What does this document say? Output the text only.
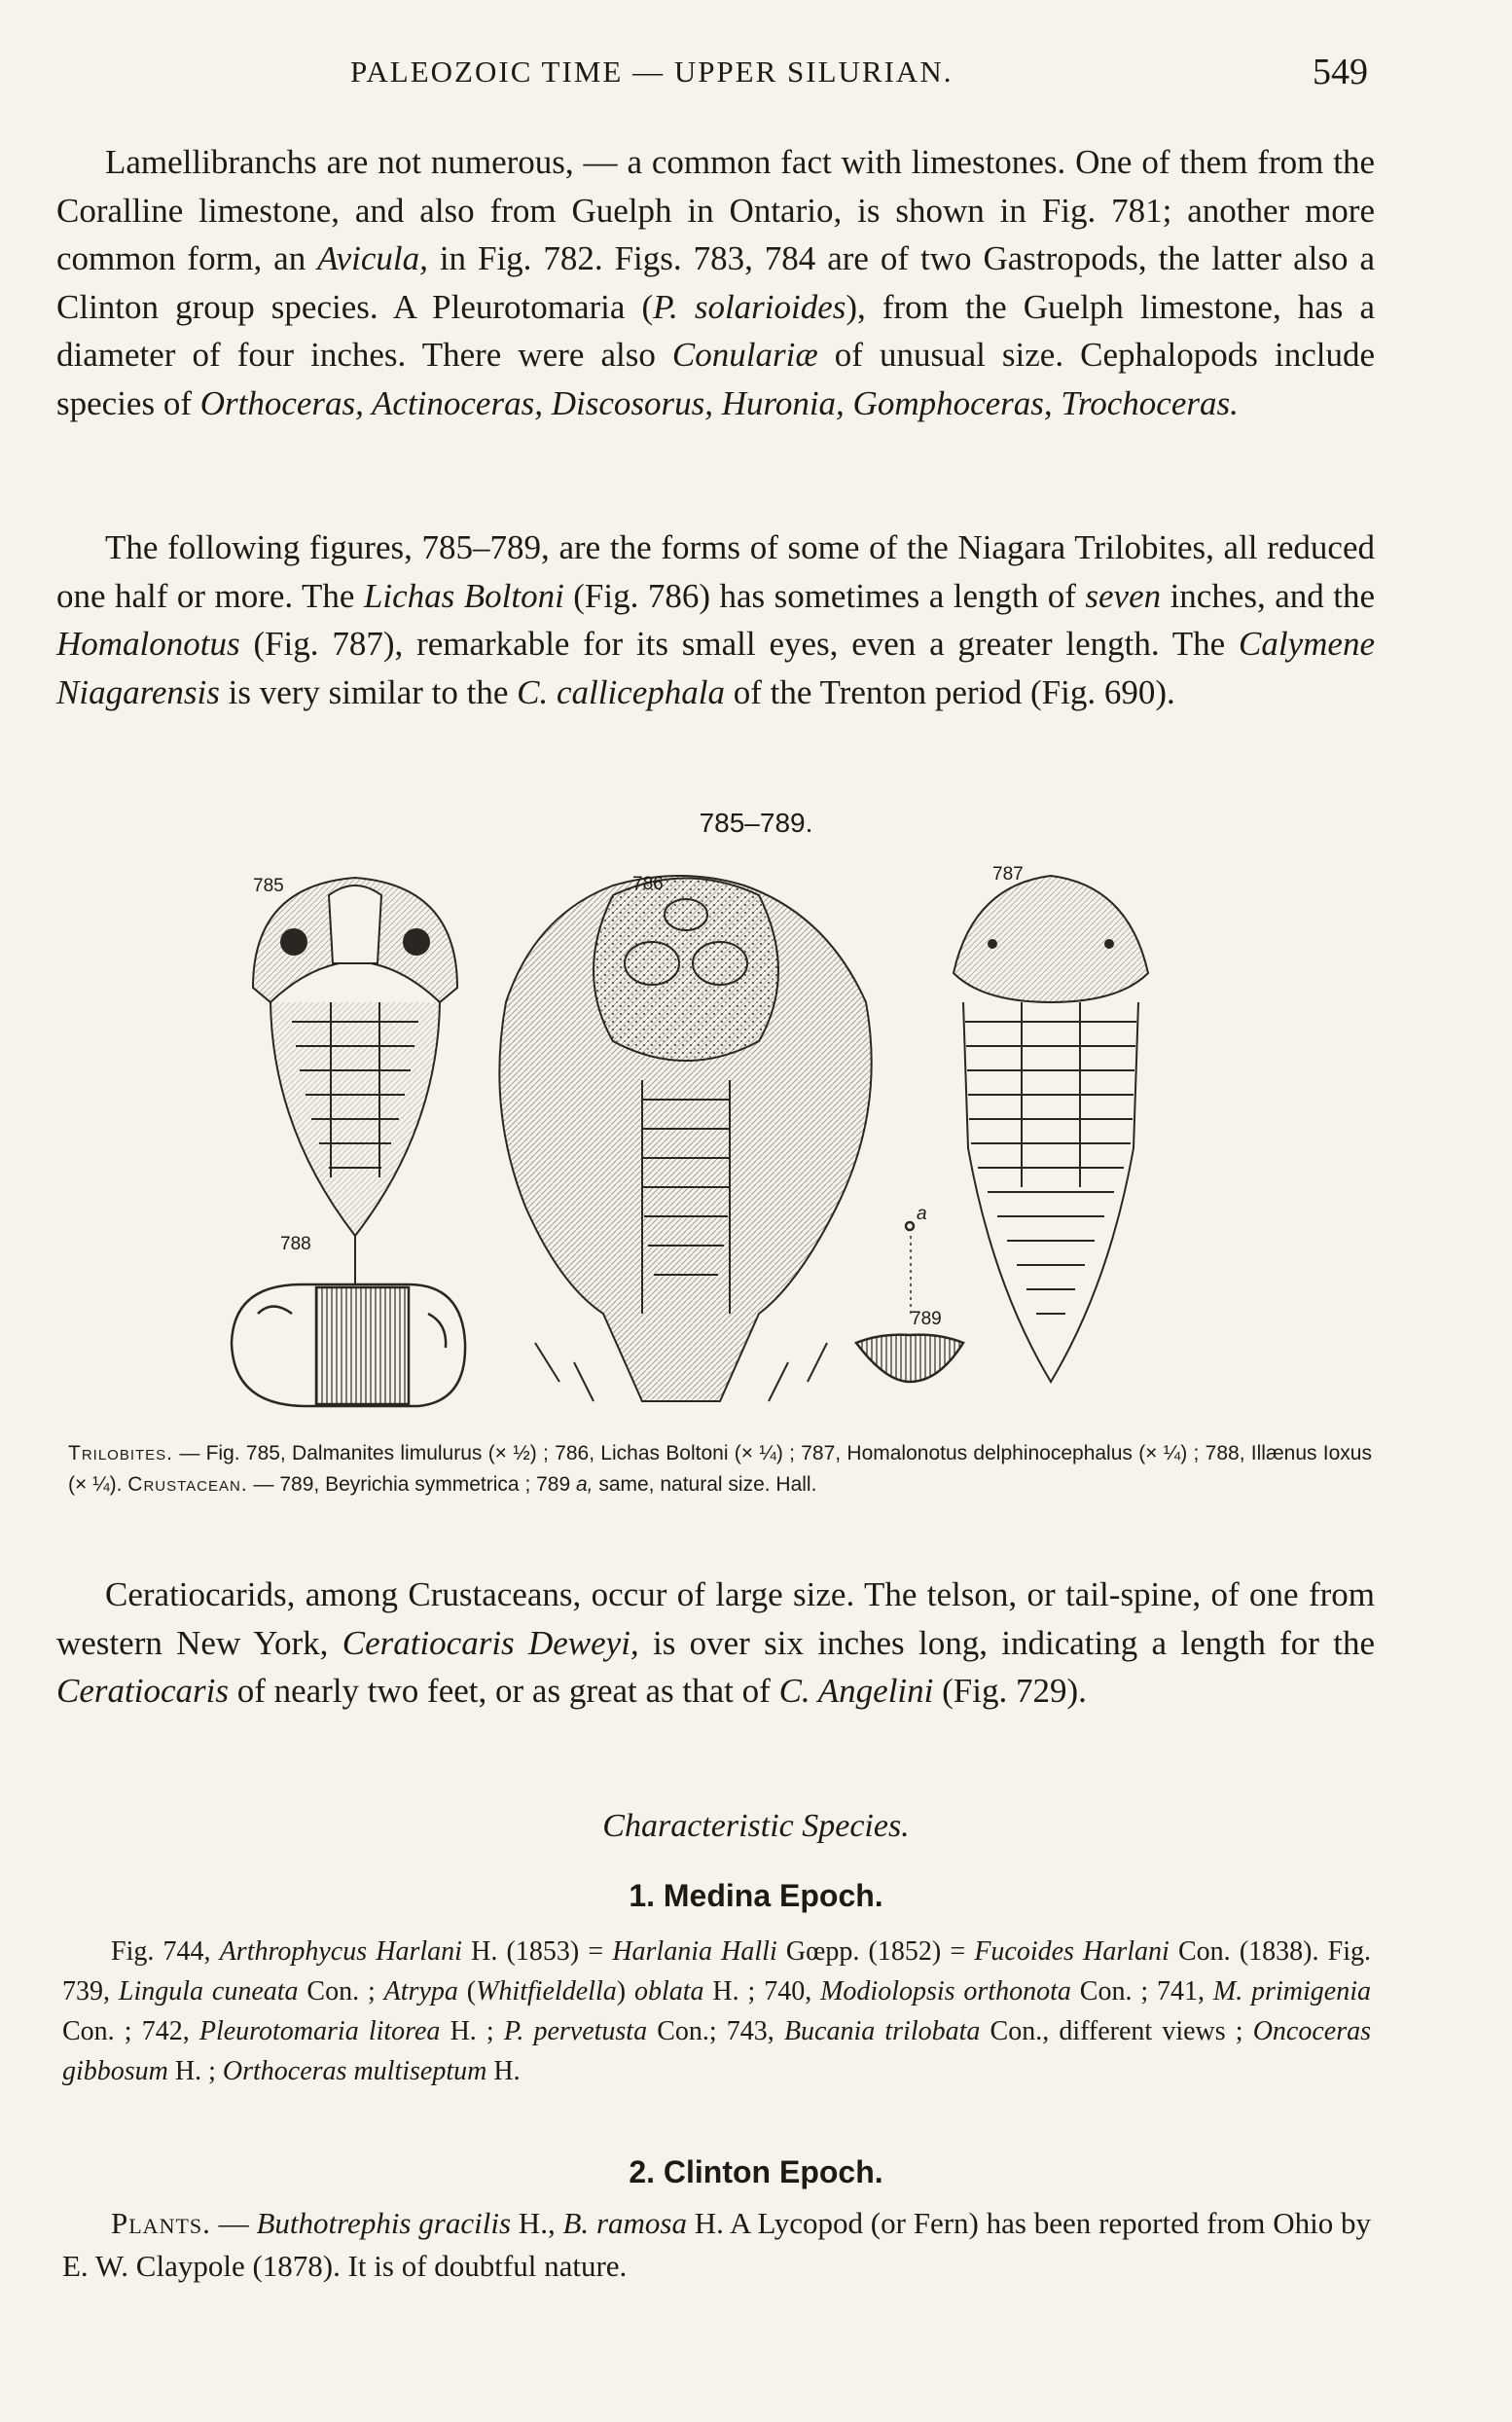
PALEOZOIC TIME — UPPER SILURIAN.	549

Lamellibranchs are not numerous, — a common fact with limestones. One of them from the Coralline limestone, and also from Guelph in Ontario, is shown in Fig. 781; another more common form, an Avicula, in Fig. 782. Figs. 783, 784 are of two Gastropods, the latter also a Clinton group species. A Pleurotomaria (P. solarioides), from the Guelph limestone, has a diameter of four inches. There were also Conulariæ of unusual size. Cephalopods include species of Orthoceras, Actinoceras, Discosorus, Huronia, Gomphoceras, Trochoceras.

The following figures, 785–789, are the forms of some of the Niagara Trilobites, all reduced one half or more. The Lichas Boltoni (Fig. 786) has sometimes a length of seven inches, and the Homalonotus (Fig. 787), remarkable for its small eyes, even a greater length. The Calymene Niagarensis is very similar to the C. callicephala of the Trenton period (Fig. 690).

785–789.
785	786	787
788
789
a
Trilobites. — Fig. 785, Dalmanites limulurus (× ½) ; 786, Lichas Boltoni (× ¼) ; 787, Homalonotus delphinocephalus (× ¼) ; 788, Illænus Ioxus (× ¼). Crustacean. — 789, Beyrichia symmetrica ; 789 a, same, natural size. Hall.

Ceratiocarids, among Crustaceans, occur of large size. The telson, or tail-spine, of one from western New York, Ceratiocaris Deweyi, is over six inches long, indicating a length for the Ceratiocaris of nearly two feet, or as great as that of C. Angelini (Fig. 729).

Characteristic Species.
1. Medina Epoch.
Fig. 744, Arthrophycus Harlani H. (1853) = Harlania Halli Gœpp. (1852) = Fucoides Harlani Con. (1838). Fig. 739, Lingula cuneata Con. ; Atrypa (Whitfieldella) oblata H. ; 740, Modiolopsis orthonota Con. ; 741, M. primigenia Con. ; 742, Pleurotomaria litorea H. ; P. pervetusta Con.; 743, Bucania trilobata Con., different views ; Oncoceras gibbosum H. ; Orthoceras multiseptum H.
2. Clinton Epoch.
Plants. — Buthotrephis gracilis H., B. ramosa H. A Lycopod (or Fern) has been reported from Ohio by E. W. Claypole (1878). It is of doubtful nature.
